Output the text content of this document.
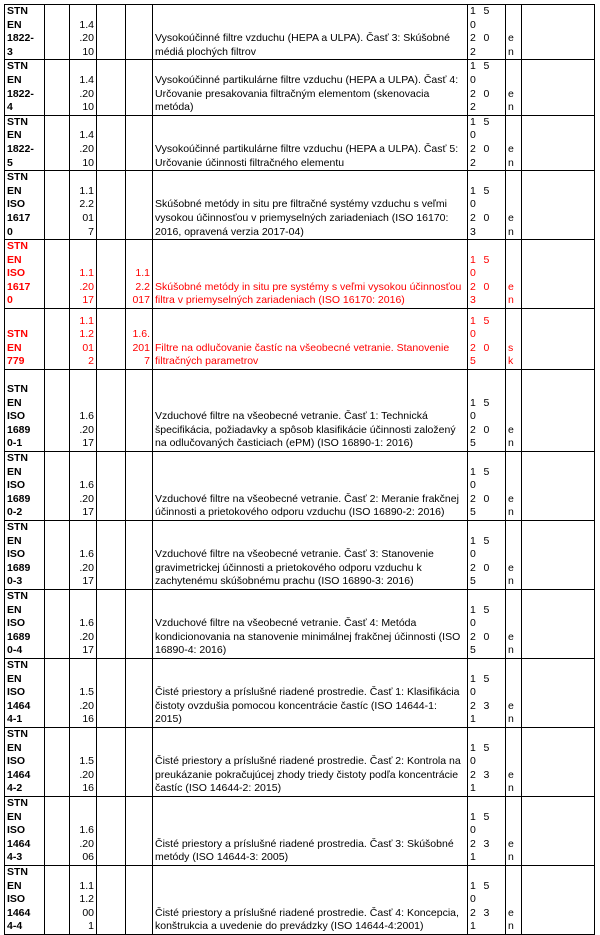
STN
EN
1822-
3		1.4
.20
10			Vysokoúčinné filtre vzduchu (HEPA a ULPA). Časť 3: Skúšobné médiá plochých filtrov	1 5 0
2 0 2	e
n	
STN
EN
1822-
4		1.4
.20
10			Vysokoúčinné partikulárne filtre vzduchu (HEPA a ULPA). Časť 4: Určovanie presakovania filtračným elementom (skenovacia metóda)	1 5 0
2 0 2	e
n	
STN
EN
1822-
5		1.4
.20
10			Vysokoúčinné partikulárne filtre vzduchu (HEPA a ULPA). Časť 5: Určovanie účinnosti filtračného elementu	1 5 0
2 0 2	e
n	
STN
EN
ISO
1617
0		1.1
2.2
01
7			Skúšobné metódy in situ pre filtračné systémy vzduchu s veľmi vysokou účinnosťou v priemyselných zariadeniach (ISO 16170: 2016, opravená verzia 2017-04)	1 5 0
2 0 3	e
n	
STN
EN
ISO
1617
0		1.1
.20
17		1.1
2.2
017	Skúšobné metódy in situ pre systémy s veľmi vysokou účinnosťou filtra v priemyselných zariadeniach (ISO 16170: 2016)	1 5 0
2 0 3	e
n	
STN
EN
779		1.1
1.2
01
2		1.6.
201
7	Filtre na odlučovanie častíc na všeobecné vetranie. Stanovenie filtračných parametrov	1 5 0
2 0 5	s
k	
STN
EN
ISO
1689
0-1		1.6
.20
17			Vzduchové filtre na všeobecné vetranie. Časť 1: Technická špecifikácia, požiadavky a spôsob klasifikácie účinnosti založený na odlučovaných časticiach (ePM) (ISO 16890-1: 2016)	1 5 0
2 0 5	e
n	
STN
EN
ISO
1689
0-2		1.6
.20
17			Vzduchové filtre na všeobecné vetranie. Časť 2: Meranie frakčnej účinnosti a prietokového odporu vzduchu (ISO 16890-2: 2016)	1 5 0
2 0 5	e
n	
STN
EN
ISO
1689
0-3		1.6
.20
17			Vzduchové filtre na všeobecné vetranie. Časť 3: Stanovenie gravimetrickej účinnosti a prietokového odporu vzduchu k zachytenému skúšobnému prachu (ISO 16890-3: 2016)	1 5 0
2 0 5	e
n	
STN
EN
ISO
1689
0-4		1.6
.20
17			Vzduchové filtre na všeobecné vetranie. Časť 4: Metóda kondicionovania na stanovenie minimálnej frakčnej účinnosti (ISO 16890-4: 2016)	1 5 0
2 0 5	e
n	
STN
EN
ISO
1464
4-1		1.5
.20
16			Čisté priestory a príslušné riadené prostredie. Časť 1: Klasifikácia čistoty ovzdušia pomocou koncentrácie častíc (ISO 14644-1: 2015)	1 5 0
2 3 1	e
n	
STN
EN
ISO
1464
4-2		1.5
.20
16			Čisté priestory a príslušné riadené prostredie. Časť 2: Kontrola na preukázanie pokračujúcej zhody triedy čistoty podľa koncentrácie častíc (ISO 14644-2: 2015)	1 5 0
2 3 1	e
n	
STN
EN
ISO
1464
4-3		1.6
.20
06			Čisté priestory a príslušné riadené prostredia. Časť 3: Skúšobné metódy (ISO 14644-3: 2005)	1 5 0
2 3 1	e
n	
STN
EN
ISO
1464
4-4		1.1
1.2
00
1			Čisté priestory a príslušné riadené prostredie. Časť 4: Koncepcia, konštrukcia a uvedenie do prevádzky (ISO 14644-4:2001)	1 5 0
2 3 1	e
n	
